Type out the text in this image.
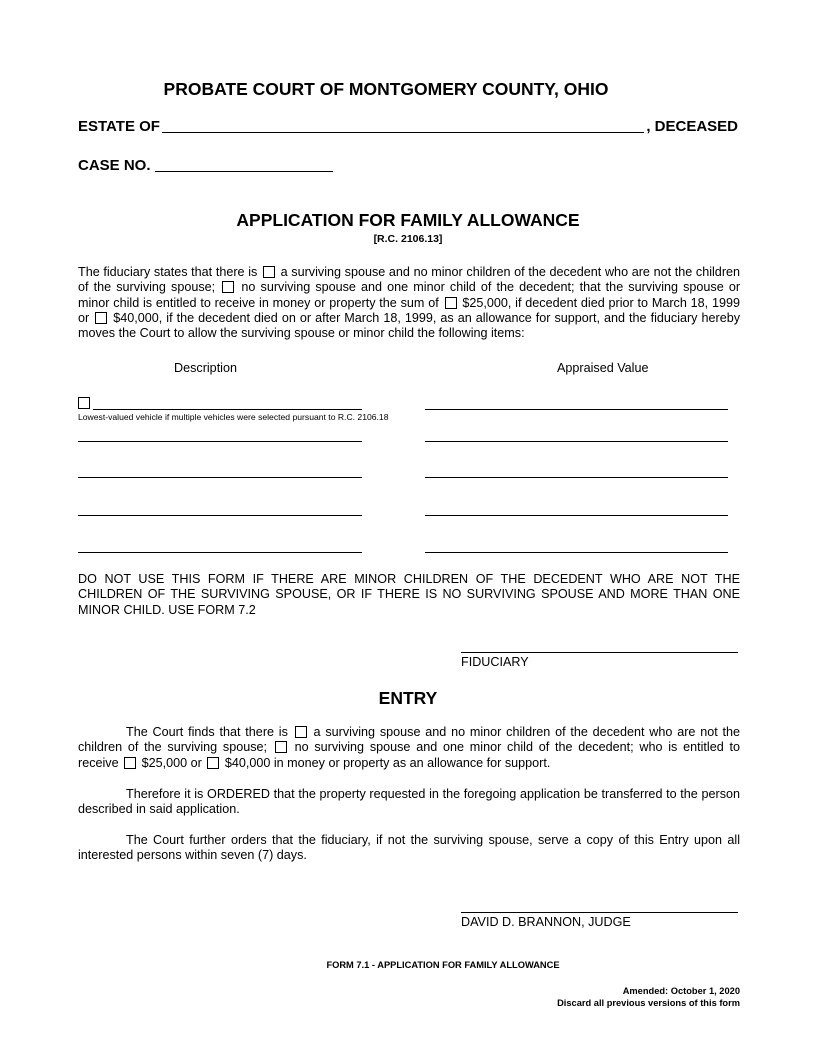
PROBATE COURT OF MONTGOMERY COUNTY, OHIO
ESTATE OF	, DECEASED
CASE NO.
APPLICATION FOR FAMILY ALLOWANCE
[R.C. 2106.13]
The fiduciary states that there is a surviving spouse and no minor children of the decedent who are not the children of the surviving spouse; no surviving spouse and one minor child of the decedent; that the surviving spouse or minor child is entitled to receive in money or property the sum of $25,000, if decedent died prior to March 18, 1999 or $40,000, if the decedent died on or after March 18, 1999, as an allowance for support, and the fiduciary hereby moves the Court to allow the surviving spouse or minor child the following items:
Description	Appraised Value
Lowest-valued vehicle if multiple vehicles were selected pursuant to R.C. 2106.18
DO NOT USE THIS FORM IF THERE ARE MINOR CHILDREN OF THE DECEDENT WHO ARE NOT THE CHILDREN OF THE SURVIVING SPOUSE, OR IF THERE IS NO SURVIVING SPOUSE AND MORE THAN ONE MINOR CHILD. USE FORM 7.2
FIDUCIARY
ENTRY
The Court finds that there is a surviving spouse and no minor children of the decedent who are not the children of the surviving spouse; no surviving spouse and one minor child of the decedent; who is entitled to receive $25,000 or $40,000 in money or property as an allowance for support.
Therefore it is ORDERED that the property requested in the foregoing application be transferred to the person described in said application.
The Court further orders that the fiduciary, if not the surviving spouse, serve a copy of this Entry upon all interested persons within seven (7) days.
DAVID D. BRANNON, JUDGE
FORM 7.1 - APPLICATION FOR FAMILY ALLOWANCE
Amended: October 1, 2020
Discard all previous versions of this form
